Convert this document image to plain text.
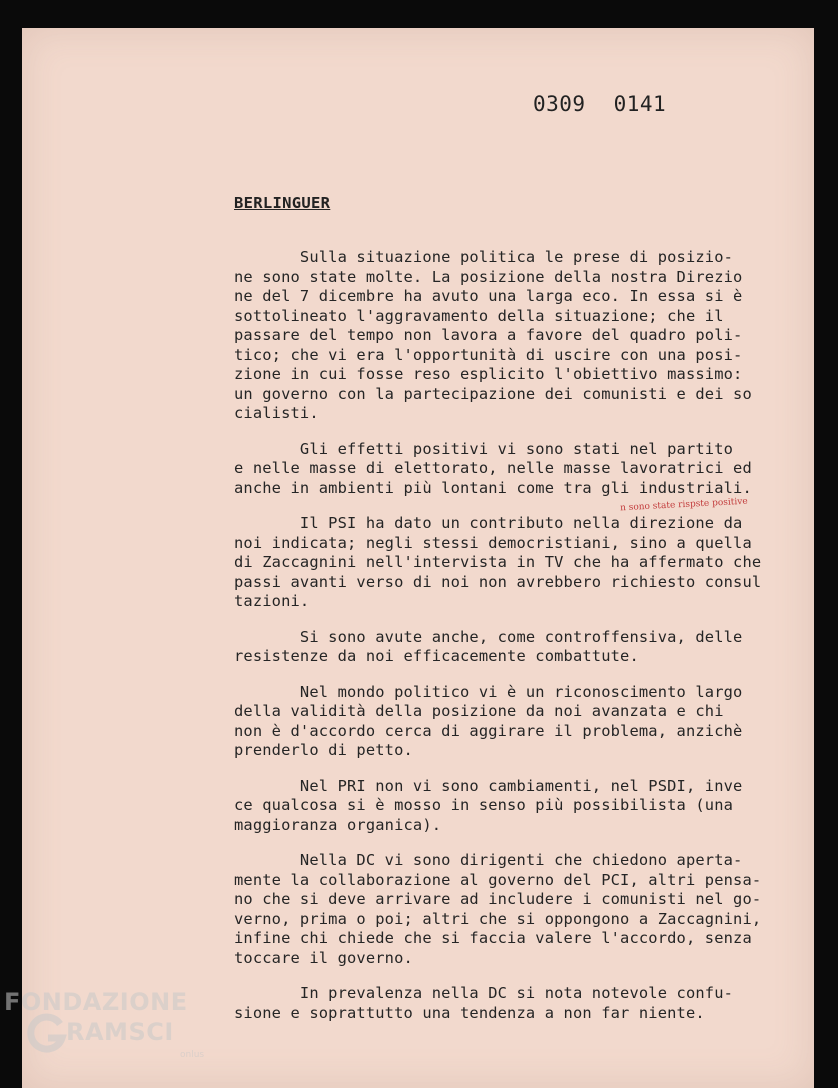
0309 0141
BERLINGUER
Sulla situazione politica le prese di posizio-
ne sono state molte. La posizione della nostra Direzio
ne del 7 dicembre ha avuto una larga eco. In essa si è
sottolineato l'aggravamento della situazione; che il
passare del tempo non lavora a favore del quadro poli-
tico; che vi era l'opportunità di uscire con una posi-
zione in cui fosse reso esplicito l'obiettivo massimo:
un governo con la partecipazione dei comunisti e dei so
cialisti.
Gli effetti positivi vi sono stati nel partito
e nelle masse di elettorato, nelle masse lavoratrici ed
anche in ambienti più lontani come tra gli industriali.
Il PSI ha dato un contributo nella direzione da
noi indicata; negli stessi democristiani, sino a quella
di Zaccagnini nell'intervista in TV che ha affermato che
passi avanti verso di noi non avrebbero richiesto consul
tazioni.
Si sono avute anche, come controffensiva, delle
resistenze da noi efficacemente combattute.
Nel mondo politico vi è un riconoscimento largo
della validità della posizione da noi avanzata e chi
non è d'accordo cerca di aggirare il problema, anzichè
prenderlo di petto.
Nel PRI non vi sono cambiamenti, nel PSDI, inve
ce qualcosa si è mosso in senso più possibilista (una
maggioranza organica).
Nella DC vi sono dirigenti che chiedono aperta-
mente la collaborazione al governo del PCI, altri pensa-
no che si deve arrivare ad includere i comunisti nel go-
verno, prima o poi; altri che si oppongono a Zaccagnini,
infine chi chiede che si faccia valere l'accordo, senza
toccare il governo.
In prevalenza nella DC si nota notevole confu-
sione e soprattutto una tendenza a non far niente.
n sono state rispste positive
FONDAZIONE
RAMSCI
onlus
